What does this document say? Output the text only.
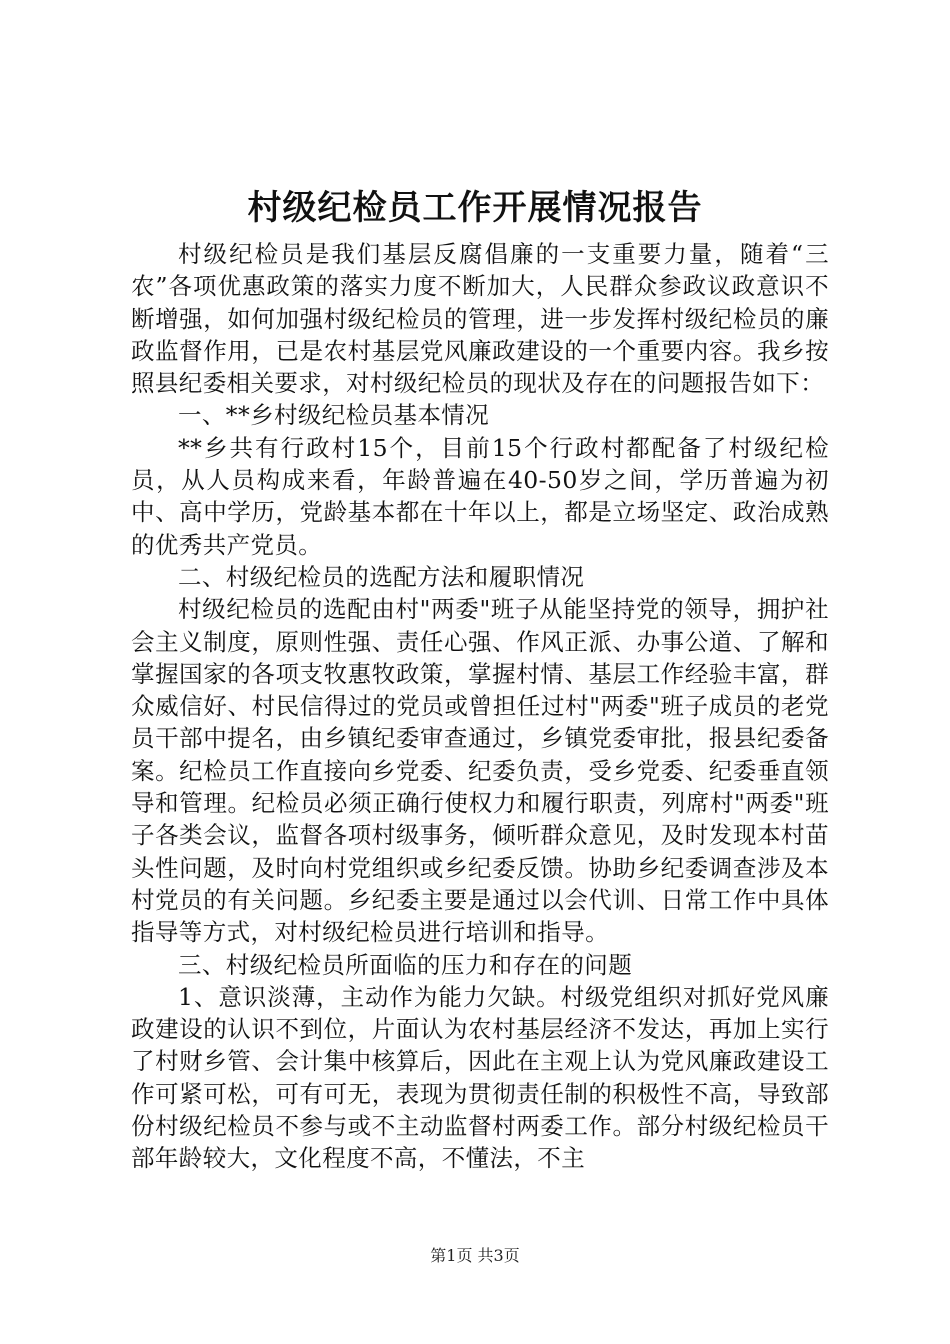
村级纪检员工作开展情况报告

村级纪检员是我们基层反腐倡廉的一支重要力量，随着“三农”各项优惠政策的落实力度不断加大，人民群众参政议政意识不断增强，如何加强村级纪检员的管理，进一步发挥村级纪检员的廉政监督作用，已是农村基层党风廉政建设的一个重要内容。我乡按照县纪委相关要求，对村级纪检员的现状及存在的问题报告如下：

一、**乡村级纪检员基本情况

**乡共有行政村15个，目前15个行政村都配备了村级纪检员，从人员构成来看，年龄普遍在40-50岁之间，学历普遍为初中、高中学历，党龄基本都在十年以上，都是立场坚定、政治成熟的优秀共产党员。

二、村级纪检员的选配方法和履职情况

村级纪检员的选配由村"两委"班子从能坚持党的领导，拥护社会主义制度，原则性强、责任心强、作风正派、办事公道、了解和掌握国家的各项支牧惠牧政策，掌握村情、基层工作经验丰富，群众威信好、村民信得过的党员或曾担任过村"两委"班子成员的老党员干部中提名，由乡镇纪委审查通过，乡镇党委审批，报县纪委备案。纪检员工作直接向乡党委、纪委负责，受乡党委、纪委垂直领导和管理。纪检员必须正确行使权力和履行职责，列席村"两委"班子各类会议，监督各项村级事务，倾听群众意见，及时发现本村苗头性问题，及时向村党组织或乡纪委反馈。协助乡纪委调查涉及本村党员的有关问题。乡纪委主要是通过以会代训、日常工作中具体指导等方式，对村级纪检员进行培训和指导。

三、村级纪检员所面临的压力和存在的问题

1、意识淡薄，主动作为能力欠缺。村级党组织对抓好党风廉政建设的认识不到位，片面认为农村基层经济不发达，再加上实行了村财乡管、会计集中核算后，因此在主观上认为党风廉政建设工作可紧可松，可有可无，表现为贯彻责任制的积极性不高，导致部份村级纪检员不参与或不主动监督村两委工作。部分村级纪检员干部年龄较大，文化程度不高，不懂法，不主

第1页 共3页
